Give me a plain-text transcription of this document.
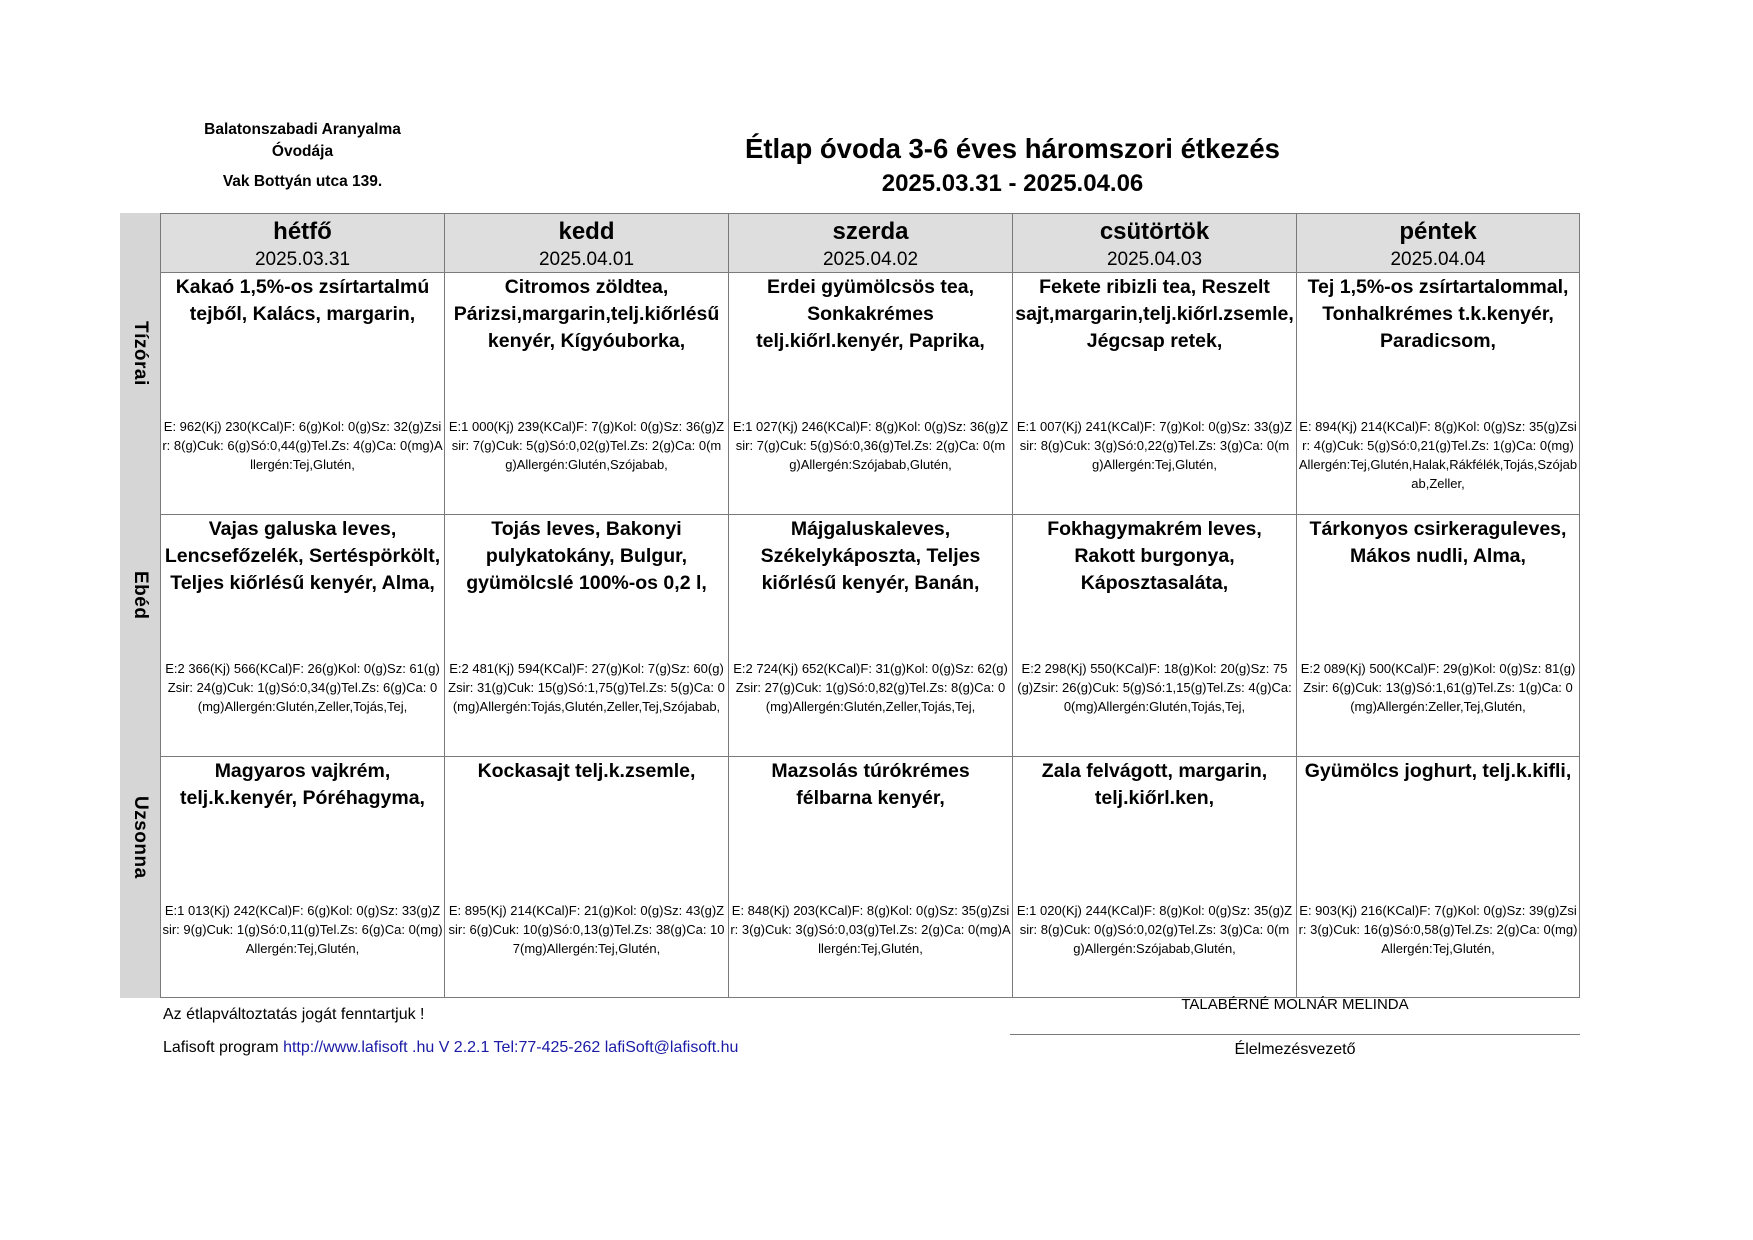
Balatonszabadi Aranyalma
Óvodája
Vak Bottyán utca 139.
Étlap óvoda 3-6 éves háromszori étkezés
2025.03.31 - 2025.04.06
hétfő
2025.03.31
kedd
2025.04.01
szerda
2025.04.02
csütörtök
2025.04.03
péntek
2025.04.04
Tízórai
Kakaó 1,5%-os zsírtartalmú tejből, Kalács, margarin,
E: 962(Kj) 230(KCal)F: 6(g)Kol: 0(g)Sz: 32(g)Zsir: 8(g)Cuk: 6(g)Só:0,44(g)Tel.Zs: 4(g)Ca: 0(mg)Allergén:Tej,Glutén,
Citromos zöldtea, Párizsi,margarin,telj.kiőrlésű kenyér, Kígyóuborka,
E:1 000(Kj) 239(KCal)F: 7(g)Kol: 0(g)Sz: 36(g)Zsir: 7(g)Cuk: 5(g)Só:0,02(g)Tel.Zs: 2(g)Ca: 0(mg)Allergén:Glutén,Szójabab,
Erdei gyümölcsös tea, Sonkakrémes telj.kiőrl.kenyér, Paprika,
E:1 027(Kj) 246(KCal)F: 8(g)Kol: 0(g)Sz: 36(g)Zsir: 7(g)Cuk: 5(g)Só:0,36(g)Tel.Zs: 2(g)Ca: 0(mg)Allergén:Szójabab,Glutén,
Fekete ribizli tea, Reszelt sajt,margarin,telj.kiőrl.zsemle, Jégcsap retek,
E:1 007(Kj) 241(KCal)F: 7(g)Kol: 0(g)Sz: 33(g)Zsir: 8(g)Cuk: 3(g)Só:0,22(g)Tel.Zs: 3(g)Ca: 0(mg)Allergén:Tej,Glutén,
Tej 1,5%-os zsírtartalommal, Tonhalkrémes t.k.kenyér, Paradicsom,
E: 894(Kj) 214(KCal)F: 8(g)Kol: 0(g)Sz: 35(g)Zsir: 4(g)Cuk: 5(g)Só:0,21(g)Tel.Zs: 1(g)Ca: 0(mg)Allergén:Tej,Glutén,Halak,Rákfélék,Tojás,Szójabab,Zeller,
Ebéd
Vajas galuska leves, Lencsefőzelék, Sertéspörkölt, Teljes kiőrlésű kenyér, Alma,
E:2 366(Kj) 566(KCal)F: 26(g)Kol: 0(g)Sz: 61(g)Zsir: 24(g)Cuk: 1(g)Só:0,34(g)Tel.Zs: 6(g)Ca: 0(mg)Allergén:Glutén,Zeller,Tojás,Tej,
Tojás leves, Bakonyi pulykatokány, Bulgur, gyümölcslé 100%-os 0,2 l,
E:2 481(Kj) 594(KCal)F: 27(g)Kol: 7(g)Sz: 60(g)Zsir: 31(g)Cuk: 15(g)Só:1,75(g)Tel.Zs: 5(g)Ca: 0(mg)Allergén:Tojás,Glutén,Zeller,Tej,Szójabab,
Májgaluskaleves, Székelykáposzta, Teljes kiőrlésű kenyér, Banán,
E:2 724(Kj) 652(KCal)F: 31(g)Kol: 0(g)Sz: 62(g)Zsir: 27(g)Cuk: 1(g)Só:0,82(g)Tel.Zs: 8(g)Ca: 0(mg)Allergén:Glutén,Zeller,Tojás,Tej,
Fokhagymakrém leves, Rakott burgonya, Káposztasaláta,
E:2 298(Kj) 550(KCal)F: 18(g)Kol: 20(g)Sz: 75(g)Zsir: 26(g)Cuk: 5(g)Só:1,15(g)Tel.Zs: 4(g)Ca: 0(mg)Allergén:Glutén,Tojás,Tej,
Tárkonyos csirkeraguleves, Mákos nudli, Alma,
E:2 089(Kj) 500(KCal)F: 29(g)Kol: 0(g)Sz: 81(g)Zsir: 6(g)Cuk: 13(g)Só:1,61(g)Tel.Zs: 1(g)Ca: 0(mg)Allergén:Zeller,Tej,Glutén,
Uzsonna
Magyaros vajkrém, telj.k.kenyér, Póréhagyma,
E:1 013(Kj) 242(KCal)F: 6(g)Kol: 0(g)Sz: 33(g)Zsir: 9(g)Cuk: 1(g)Só:0,11(g)Tel.Zs: 6(g)Ca: 0(mg)Allergén:Tej,Glutén,
Kockasajt telj.k.zsemle,
E: 895(Kj) 214(KCal)F: 21(g)Kol: 0(g)Sz: 43(g)Zsir: 6(g)Cuk: 10(g)Só:0,13(g)Tel.Zs: 38(g)Ca: 107(mg)Allergén:Tej,Glutén,
Mazsolás túrókrémes félbarna kenyér,
E: 848(Kj) 203(KCal)F: 8(g)Kol: 0(g)Sz: 35(g)Zsir: 3(g)Cuk: 3(g)Só:0,03(g)Tel.Zs: 2(g)Ca: 0(mg)Allergén:Tej,Glutén,
Zala felvágott, margarin, telj.kiőrl.ken,
E:1 020(Kj) 244(KCal)F: 8(g)Kol: 0(g)Sz: 35(g)Zsir: 8(g)Cuk: 0(g)Só:0,02(g)Tel.Zs: 3(g)Ca: 0(mg)Allergén:Szójabab,Glutén,
Gyümölcs joghurt, telj.k.kifli,
E: 903(Kj) 216(KCal)F: 7(g)Kol: 0(g)Sz: 39(g)Zsir: 3(g)Cuk: 16(g)Só:0,58(g)Tel.Zs: 2(g)Ca: 0(mg)Allergén:Tej,Glutén,
Az étlapváltoztatás jogát fenntartjuk !
Lafisoft program http://www.lafisoft .hu V 2.2.1 Tel:77-425-262 lafiSoft@lafisoft.hu
TALABÉRNÉ MOLNÁR MELINDA
Élelmezésvezető
